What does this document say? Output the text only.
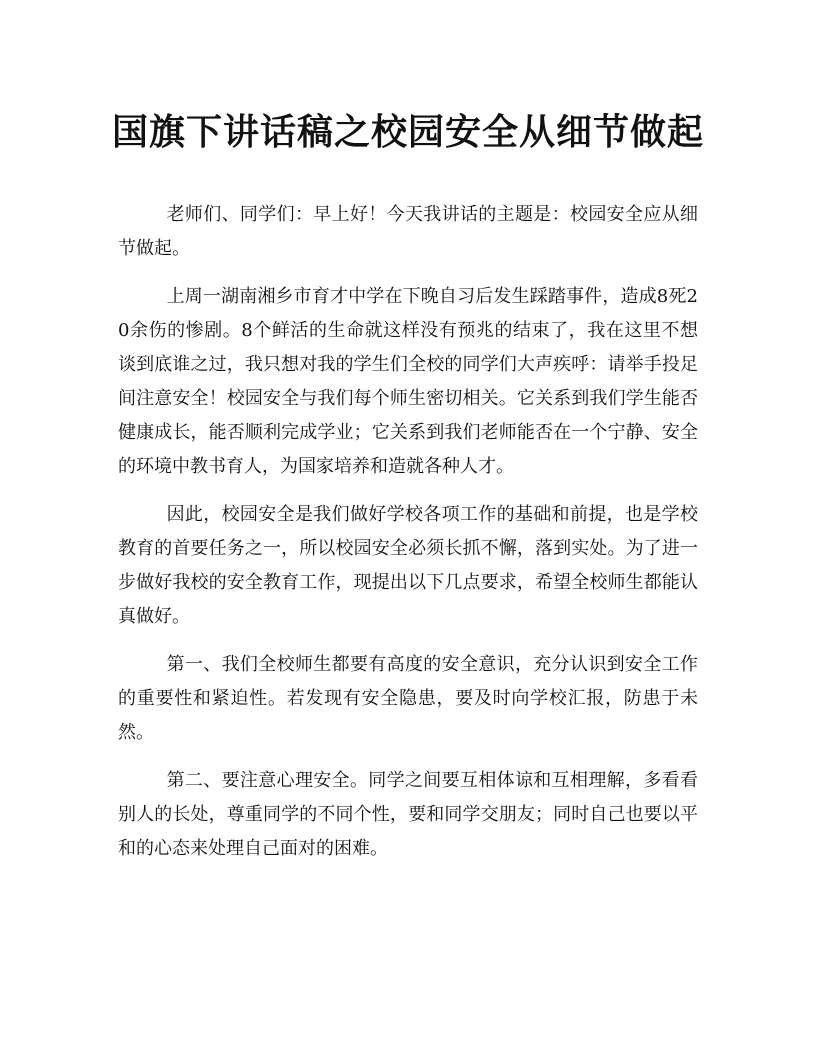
国旗下讲话稿之校园安全从细节做起

老师们、同学们：早上好！今天我讲话的主题是：校园安全应从细节做起。

上周一湖南湘乡市育才中学在下晚自习后发生踩踏事件，造成8死20余伤的惨剧。8个鲜活的生命就这样没有预兆的结束了，我在这里不想谈到底谁之过，我只想对我的学生们全校的同学们大声疾呼：请举手投足间注意安全！校园安全与我们每个师生密切相关。它关系到我们学生能否健康成长，能否顺利完成学业；它关系到我们老师能否在一个宁静、安全的环境中教书育人，为国家培养和造就各种人才。

因此，校园安全是我们做好学校各项工作的基础和前提，也是学校教育的首要任务之一，所以校园安全必须长抓不懈，落到实处。为了进一步做好我校的安全教育工作，现提出以下几点要求，希望全校师生都能认真做好。

第一、我们全校师生都要有高度的安全意识，充分认识到安全工作的重要性和紧迫性。若发现有安全隐患，要及时向学校汇报，防患于未然。

第二、要注意心理安全。同学之间要互相体谅和互相理解，多看看别人的长处，尊重同学的不同个性，要和同学交朋友；同时自己也要以平和的心态来处理自己面对的困难。
